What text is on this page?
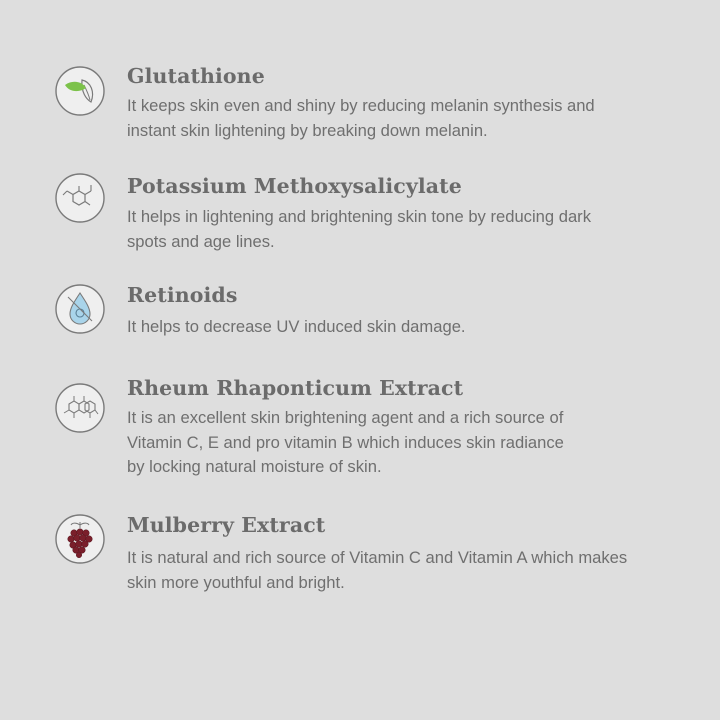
Glutathione

It keeps skin even and shiny by reducing melanin synthesis and
instant skin lightening by breaking down melanin.

Potassium Methoxysalicylate

It helps in lightening and brightening skin tone by reducing dark
spots and age lines.

Retinoids

It helps to decrease UV induced skin damage.

Rheum Rhaponticum Extract

It is an excellent skin brightening agent and a rich source of
Vitamin C, E and pro vitamin B which induces skin radiance
by locking natural moisture of skin.

Mulberry Extract

It is natural and rich source of Vitamin C and Vitamin A which makes
skin more youthful and bright.
